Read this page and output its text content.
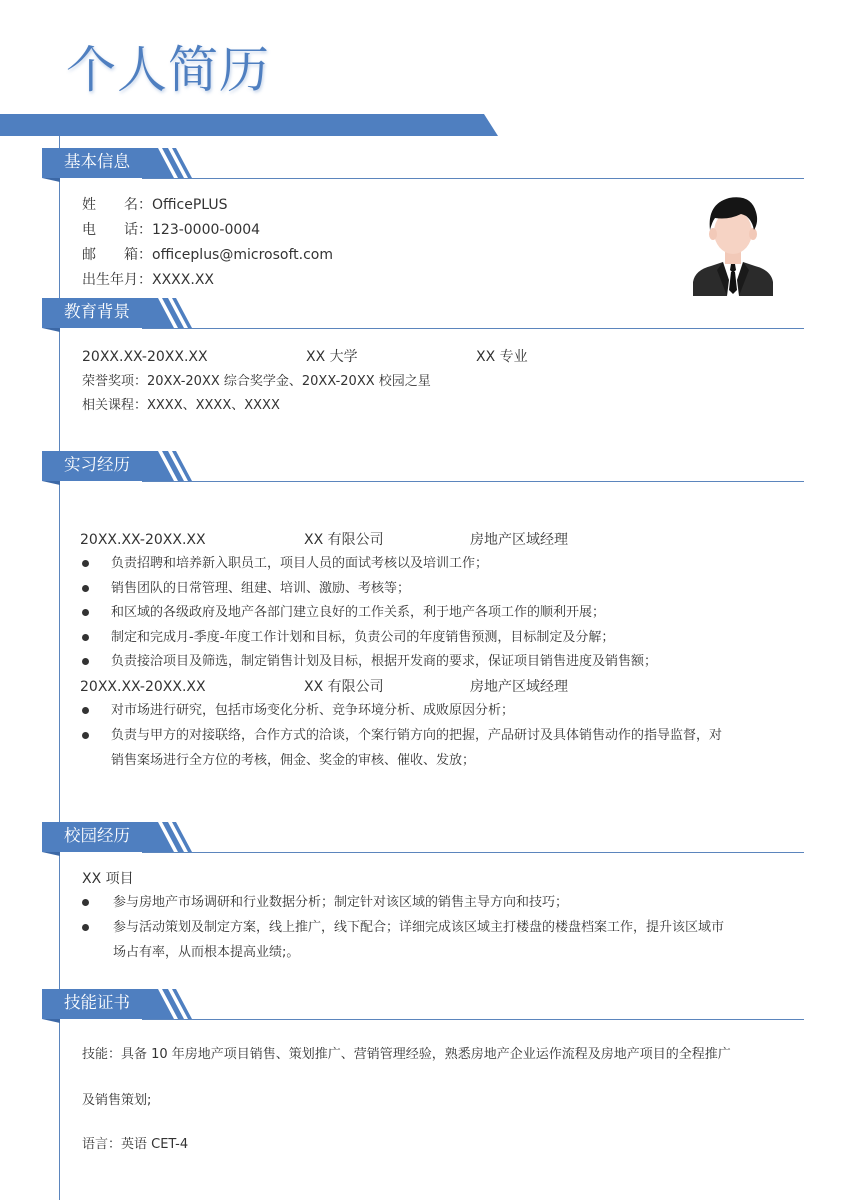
个人简历
基本信息
姓　　名：OfficePLUS
电　　话：123-0000-0004
邮　　箱：officeplus@microsoft.com
出生年月：XXXX.XX
教育背景
20XX.XX-20XX.XX	XX 大学	XX 专业
荣誉奖项：20XX-20XX 综合奖学金、20XX-20XX 校园之星
相关课程：XXXX、XXXX、XXXX
实习经历
20XX.XX-20XX.XX	XX 有限公司	房地产区域经理
负责招聘和培养新入职员工，项目人员的面试考核以及培训工作；
销售团队的日常管理、组建、培训、激励、考核等；
和区域的各级政府及地产各部门建立良好的工作关系，利于地产各项工作的顺利开展；
制定和完成月-季度-年度工作计划和目标，负责公司的年度销售预测，目标制定及分解；
负责接洽项目及筛选，制定销售计划及目标，根据开发商的要求，保证项目销售进度及销售额；
20XX.XX-20XX.XX	XX 有限公司	房地产区域经理
对市场进行研究，包括市场变化分析、竞争环境分析、成败原因分析；
负责与甲方的对接联络，合作方式的洽谈，个案行销方向的把握，产品研讨及具体销售动作的指导监督，对
销售案场进行全方位的考核，佣金、奖金的审核、催收、发放；
校园经历
XX 项目
参与房地产市场调研和行业数据分析；制定针对该区域的销售主导方向和技巧；
参与活动策划及制定方案，线上推广，线下配合；详细完成该区域主打楼盘的楼盘档案工作，提升该区域市
场占有率，从而根本提高业绩;。
技能证书
技能：具备 10 年房地产项目销售、策划推广、营销管理经验，熟悉房地产企业运作流程及房地产项目的全程推广
及销售策划;
语言：英语 CET-4
